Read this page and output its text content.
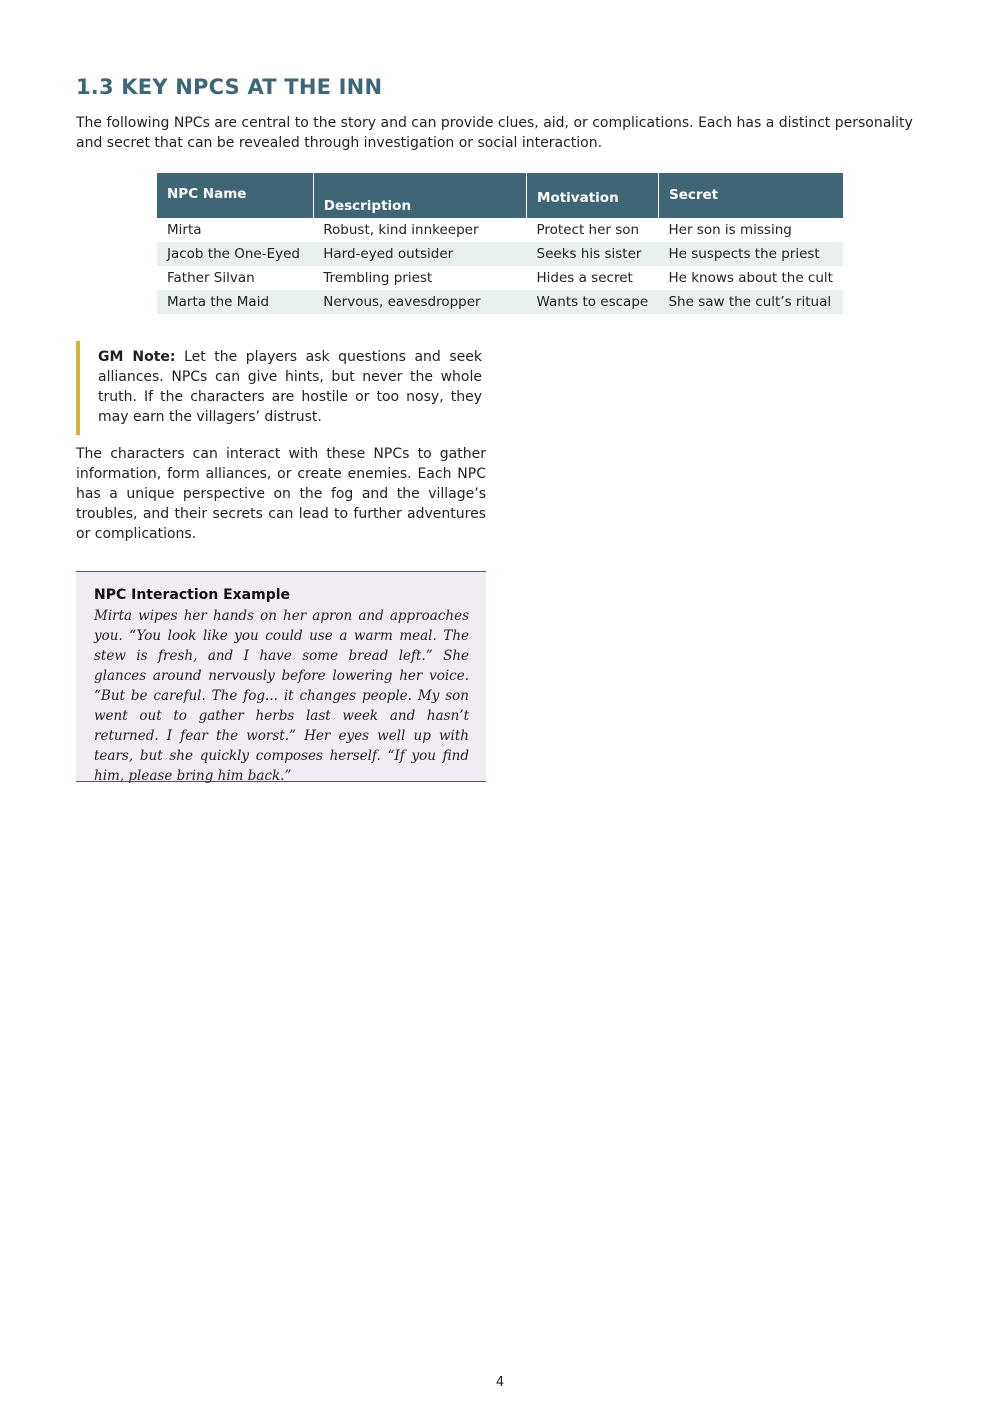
1.3 KEY NPCS AT THE INN

The following NPCs are central to the story and can provide clues, aid, or complications. Each has a distinct personality and secret that can be revealed through investigation or social interaction.

NPC Name	Description	Motivation	Secret
Mirta	Robust, kind innkeeper	Protect her son	Her son is missing
Jacob the One-Eyed	Hard-eyed outsider	Seeks his sister	He suspects the priest
Father Silvan	Trembling priest	Hides a secret	He knows about the cult
Marta the Maid	Nervous, eavesdropper	Wants to escape	She saw the cult’s ritual
GM Note: Let the players ask questions and seek alliances. NPCs can give hints, but never the whole truth. If the characters are hostile or too nosy, they may earn the villagers’ distrust.

The characters can interact with these NPCs to gather information, form alliances, or create enemies. Each NPC has a unique perspective on the fog and the village’s troubles, and their secrets can lead to further adventures or complications.

NPC Interaction Example

Mirta wipes her hands on her apron and approaches you. “You look like you could use a warm meal. The stew is fresh, and I have some bread left.” She glances around nervously before lowering her voice. “But be careful. The fog... it changes people. My son went out to gather herbs last week and hasn’t returned. I fear the worst.” Her eyes well up with tears, but she quickly composes herself. “If you find him, please bring him back.”

4
